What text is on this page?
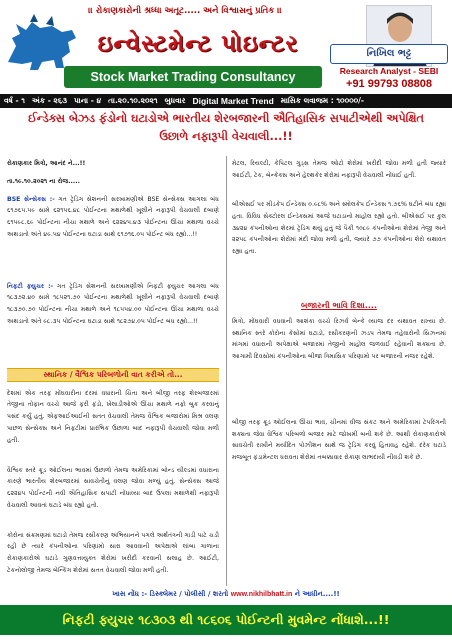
।। રોકાણકારોની શ્રધ્ધા અતૂટ..... અને વિશ્વાસનું પ્રતિક ।।
ઇન્વેસ્ટમેન્ટ પોઇન્ટર
Stock Market Trading Consultancy
નિખિલ ભટ્ટ
Research Analyst - SEBI
+91 99793 08808
વર્ષ - ૧ અંક - ૨૬૩ પાના - ૪ તા.૨૦.૧૦.૨૦૨૧ બુધવાર Digital Market Trend માસિક લવાજમ : ૧૦૦૦૦/-
ઈન્ડેક્સ બેઝડ ફંડોનો ઘટાડોએ ભારતીય શેરબજારની ઐતિહાસિક સપાટીએથી અપેક્ષિત
ઉછાળે નફારૂપી વેચવાલી...!!
રોકાણકાર મિત્રો, આનંદ ને...!!
તા.૧૯.૧૦.૨૦૨૧ ના રોજ.....
BSE સેન્સેક્સ :- ગત ટ્રેડિંગ સેશનની સરખામણીએ BSE સેન્સેક્સ આગલા બંધ ૬૧૭૬૫.૫૯ સામે ૬૨૧૫૬.૪૮ પોઈન્ટના મથાળેથી ખૂલીને નફારૂપી વેચવાલી દબાણે ૬૧૫૯૮.૬૯ પોઈન્ટના નીચા મથાળે અને ૬૨૨૪૫.૪૩ પોઈન્ટના ઊંચા મથાળા વચ્ચે અથડાતો અંતે ૪૯.૫૪ પોઈન્ટના ઘટાડા સાથે ૬૧૭૧૬.૦૫ પોઈન્ટ બંધ રહ્યો...!!
નિફટી ફ્યુચર :- ગત ટ્રેડિંગ સેશનની સરખામણીએ નિફટી ફ્યુચર આગલા બંધ ૧૮૩૭૨.૪૦ સામે ૧૮૫૨૧.૭૦ પોઈન્ટના મથાળેથી ખૂલીને નફારૂપી વેચવાલી દબાણે ૧૮૩૭૦.૭૦ પોઈન્ટના નીચા મથાળે અને ૧૮૫૫૪.૦૦ પોઈન્ટના ઊંચા મથાળા વચ્ચે અથડાતો અંતે ૯૮.૩૫ પોઈન્ટના ઘટાડા સાથે ૧૮૨૭૪.૦૫ પોઈન્ટ બંધ રહ્યો...!!
સ્થાનિક / વૈશ્વિક પરિબળોની વાત કરીએ તો...
દેશમાં એક તરફ મોંઘવારીના દરમાં વધારાની ચિંતા અને બીજી તરફ શેરબજારમાં તેજીના તોફાન વચ્ચે આજે ફરી ફંડો, ખેલાડીઓએ ઊંચા મથાળે નફો બુક કરવાનું પસંદ કર્યું હતું. એફઆઈઆઈની સતત વેચવાલી તેમજ વૈશ્વિક બજારોમાં મિશ્ર વલણ પાછળ સેન્સેક્સ અને નિફટીમાં પ્રારંભિક ઉછાળા બાદ નફારૂપી વેચવાલી જોવા મળી હતી.
વૈશ્વિક સ્તરે ક્રૂડ ઓઈલના ભાવમાં ઉછાળો તેમજ અમેરિકામાં બોન્ડ યીલ્ડમાં વધારાના કારણે ભારતીય શેરબજારમાં સાવચેતીનું વલણ જોવા મળ્યું હતું. સેન્સેક્સ આજે ૬૨૨૪૫ પોઈન્ટની નવી ઐતિહાસિક સપાટી નોંધાવ્યા બાદ ઉપલા મથાળેથી નફારૂપી વેચવાલી આવતાં ઘટાડે બંધ રહ્યો હતો.
કોરોના સંક્રમણમાં ઘટાડો તેમજ રસીકરણ અભિયાનને પગલે અર્થતંત્રની ગાડી પાટે ચડી રહી છે ત્યારે કંપનીઓના પરિણામો સારા આવવાની અપેક્ષાએ લાંબા ગાળાના રોકાણકારોએ ઘટાડે ગુણવત્તાયુક્ત શેરોમાં ખરીદી કરવાની સલાહ છે. આઈટી, ટેકનોલોજી તેમજ બેન્કિંગ શેરોમાં સતત વેચવાલી જોવા મળી હતી.
મેટલ, રિયલ્ટી, કેપિટલ ગુડ્સ તેમજ ઓટો શેરોમાં ખરીદી જોવા મળી હતી જ્યારે આઈટી, ટેક, બેન્કેક્સ અને હેલ્થકેર શેરોમાં નફારૂપી વેચવાલી નોંધાઈ હતી.
બીએસઈ પર મીડકેપ ઈન્ડેક્સ ૦.૯૮% અને સ્મોલકેપ ઈન્ડેક્સ ૧.૭૬% ઘટીને બંધ રહ્યા હતા. વિવિધ સેક્ટોરલ ઈન્ડેક્સમાં આજે ઘટાડાનો માહોલ રહ્યો હતો. બીએસઈ પર કુલ ૩૪૨૪ કંપનીઓના શેરમાં ટ્રેડિંગ થયું હતું જે પૈકી ૧૦૮૯ કંપનીઓના શેરોમાં તેજી અને ૨૨૫૮ કંપનીઓના શેરોમાં મંદી જોવા મળી હતી, જ્યારે ૭૭ કંપનીઓના શેરો યથાવત રહ્યા હતા.
બજારની ભાવિ દિશા....
મિત્રો, મોંઘવારી વધવાની આશંકા વચ્ચે રિઝર્વ બેન્કે વ્યાજ દર યથાવત રાખ્યા છે. સ્થાનિક સ્તરે કોરોના કેસોમાં ઘટાડો, રસીકરણની ઝડપ તેમજ તહેવારોની સિઝનમાં માંગમાં વધારાની અપેક્ષાએ બજારમાં તેજીનો માહોલ જળવાઈ રહેવાની શક્યતા છે. આગામી દિવસોમાં કંપનીઓના બીજા ત્રિમાસિક પરિણામો પર બજારની નજર રહેશે.
બીજી તરફ ક્રૂડ ઓઈલના ઊંચા ભાવ, ચીનમાં વીજ સંકટ અને અમેરિકામાં ટેપરિંગની શક્યતા જેવા વૈશ્વિક પરિબળો બજાર માટે જોખમી બની શકે છે. આથી રોકાણકારોએ સાવચેતી રાખીને મર્યાદિત પોઝીશન સાથે જ ટ્રેડિંગ કરવું હિતાવહ રહેશે. દરેક ઘટાડે મજબૂત ફંડામેન્ટલ ધરાવતા શેરોમાં તબક્કાવાર રોકાણ લાભદાયી નીવડી શકે છે.
ખાસ નોંધ :- ડિસ્ક્લેમર / પોલીસી / શરતો www.nikhilbhatt.in ને આધીન....!!
નિફટી ફ્યુચર ૧૮૩૦૩ થી ૧૮૬૦૬ પોઈન્ટની મુવમેન્ટ નોંધાશે...!!
